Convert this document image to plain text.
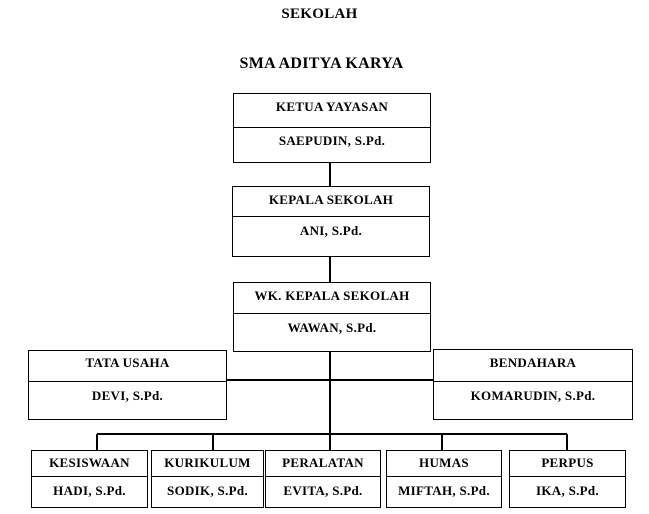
SEKOLAH
SMA ADITYA KARYA
KETUA YAYASAN
SAEPUDIN, S.Pd.
KEPALA SEKOLAH
ANI, S.Pd.
WK. KEPALA SEKOLAH
WAWAN, S.Pd.
TATA USAHA
DEVI, S.Pd.
BENDAHARA
KOMARUDIN, S.Pd.
KESISWAAN
HADI, S.Pd.
KURIKULUM
SODIK, S.Pd.
PERALATAN
EVITA, S.Pd.
HUMAS
MIFTAH, S.Pd.
PERPUS
IKA, S.Pd.
